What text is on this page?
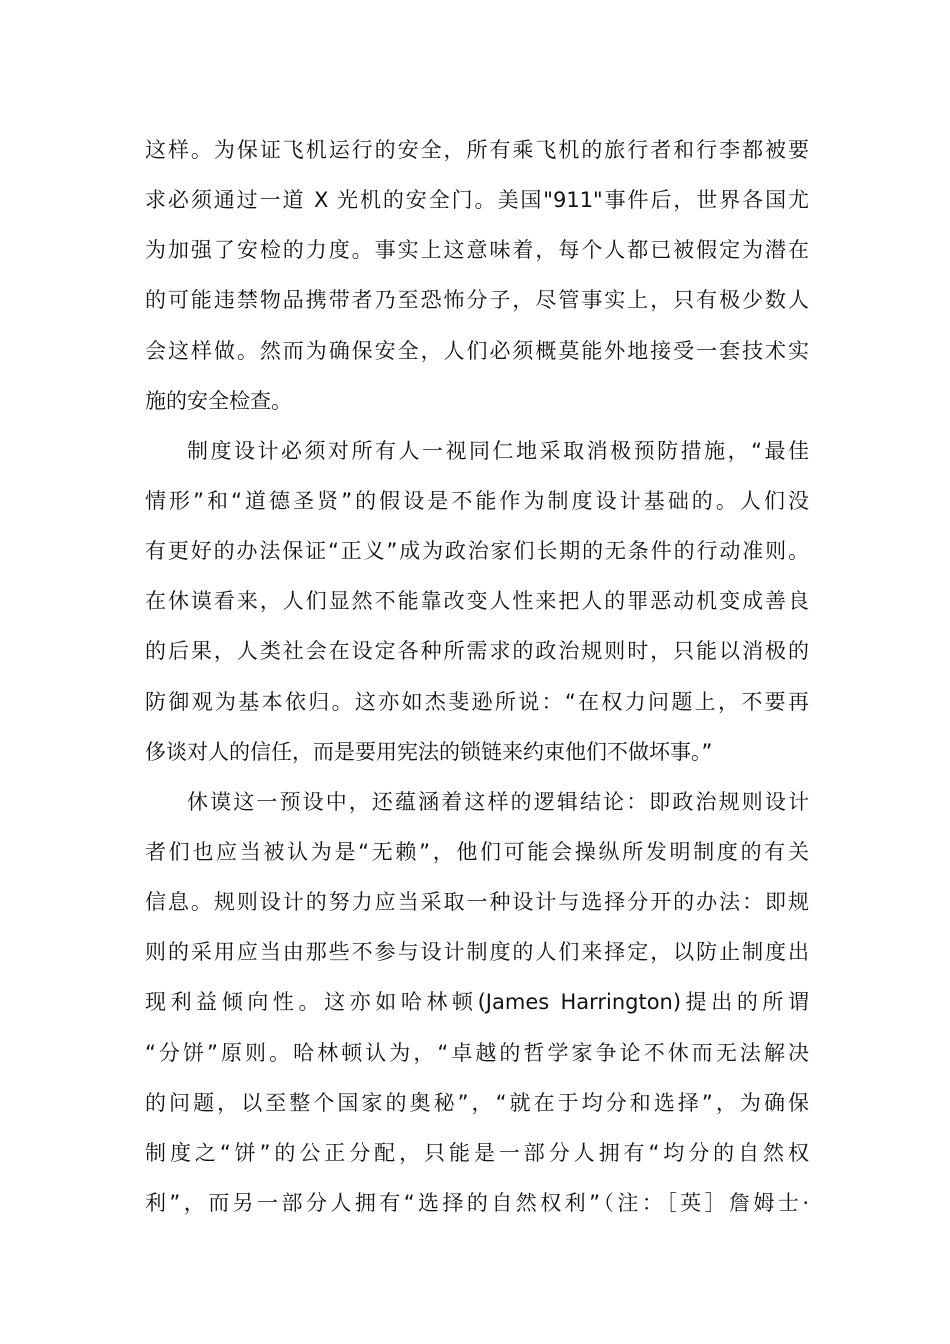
这样。为保证飞机运行的安全，所有乘飞机的旅行者和行李都被要
求必须通过一道 X 光机的安全门。美国"911"事件后，世界各国尤
为加强了安检的力度。事实上这意味着，每个人都已被假定为潜在
的可能违禁物品携带者乃至恐怖分子，尽管事实上，只有极少数人
会这样做。然而为确保安全，人们必须概莫能外地接受一套技术实
施的安全检查。
制度设计必须对所有人一视同仁地采取消极预防措施，“最佳
情形”和“道德圣贤”的假设是不能作为制度设计基础的。人们没
有更好的办法保证“正义”成为政治家们长期的无条件的行动准则。
在休谟看来，人们显然不能靠改变人性来把人的罪恶动机变成善良
的后果，人类社会在设定各种所需求的政治规则时，只能以消极的
防御观为基本依归。这亦如杰斐逊所说：“在权力问题上，不要再
侈谈对人的信任，而是要用宪法的锁链来约束他们不做坏事。”
休谟这一预设中，还蕴涵着这样的逻辑结论：即政治规则设计
者们也应当被认为是“无赖”，他们可能会操纵所发明制度的有关
信息。规则设计的努力应当采取一种设计与选择分开的办法：即规
则的采用应当由那些不参与设计制度的人们来择定，以防止制度出
现利益倾向性。这亦如哈林顿(James Harrington)提出的所谓
“分饼”原则。哈林顿认为，“卓越的哲学家争论不休而无法解决
的问题，以至整个国家的奥秘”，“就在于均分和选择”，为确保
制度之“饼”的公正分配，只能是一部分人拥有“均分的自然权
利”，而另一部分人拥有“选择的自然权利”（注：［英］詹姆士·
